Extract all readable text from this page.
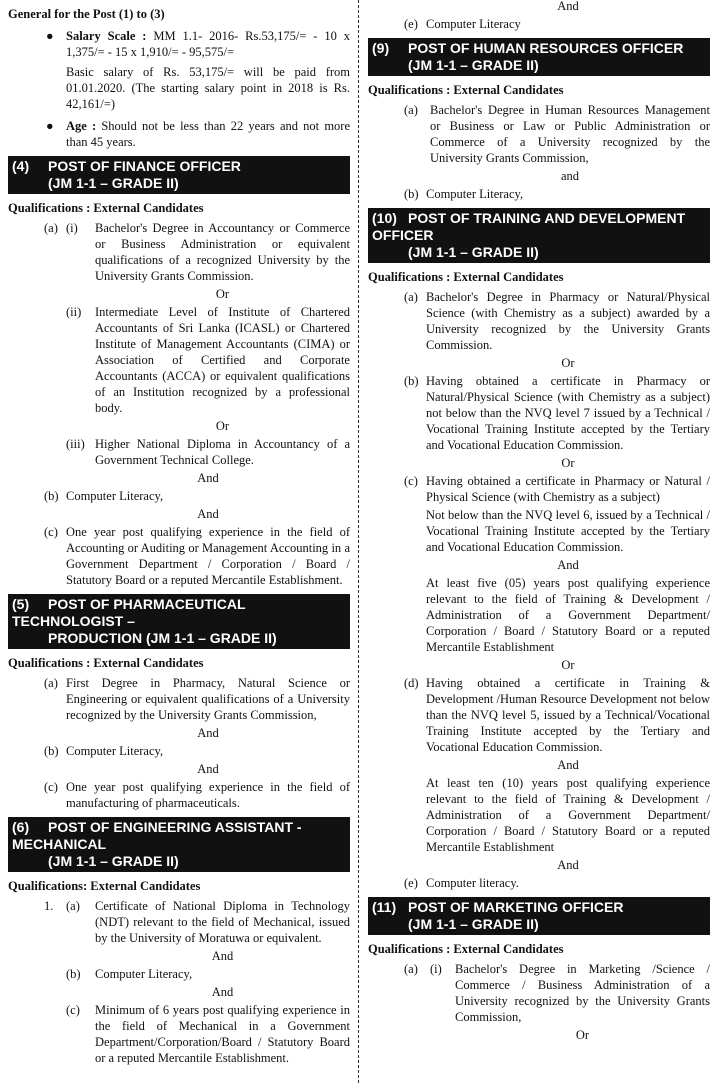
General for the Post (1) to (3)
● Salary Scale : MM 1.1- 2016- Rs.53,175/= - 10 x 1,375/= - 15 x 1,910/= - 95,575/=
Basic salary of Rs. 53,175/= will be paid from 01.01.2020. (The starting salary point in 2018 is Rs. 42,161/=)
● Age : Should not be less than 22 years and not more than 45 years.
(4) POST OF FINANCE OFFICER
(JM 1-1 – GRADE II)
Qualifications : External Candidates
(a) (i) Bachelor's Degree in Accountancy or Commerce or Business Administration or equivalent qualifications of a recognized University by the University Grants Commission.
Or
(ii) Intermediate Level of Institute of Chartered Accountants of Sri Lanka (ICASL) or Chartered Institute of Management Accountants (CIMA) or Association of Certified and Corporate Accountants (ACCA) or equivalent qualifications of an Institution recognized by a professional body.
Or
(iii) Higher National Diploma in Accountancy of a Government Technical College.
And
(b) Computer Literacy,
And
(c) One year post qualifying experience in the field of Accounting or Auditing or Management Accounting in a Government Department / Corporation / Board / Statutory Board or a reputed Mercantile Establishment.
(5) POST OF PHARMACEUTICAL TECHNOLOGIST –
PRODUCTION (JM 1-1 – GRADE II)
Qualifications : External Candidates
(a) First Degree in Pharmacy, Natural Science or Engineering or equivalent qualifications of a University recognized by the University Grants Commission,
And
(b) Computer Literacy,
And
(c) One year post qualifying experience in the field of manufacturing of pharmaceuticals.
(6) POST OF ENGINEERING ASSISTANT - MECHANICAL
(JM 1-1 – GRADE II)
Qualifications: External Candidates
1. (a) Certificate of National Diploma in Technology (NDT) relevant to the field of Mechanical, issued by the University of Moratuwa or equivalent.
And
(b) Computer Literacy,
And
(c) Minimum of 6 years post qualifying experience in the field of Mechanical in a Government Department/Corporation/Board / Statutory Board or a reputed Mercantile Establishment.
And
(e) Computer Literacy
(9) POST OF HUMAN RESOURCES OFFICER
(JM 1-1 – GRADE II)
Qualifications : External Candidates
(a) Bachelor's Degree in Human Resources Management or Business or Law or Public Administration or Commerce of a University recognized by the University Grants Commission,
and
(b) Computer Literacy,
(10) POST OF TRAINING AND DEVELOPMENT OFFICER
(JM 1-1 – GRADE II)
Qualifications : External Candidates
(a) Bachelor's Degree in Pharmacy or Natural/Physical Science (with Chemistry as a subject) awarded by a University recognized by the University Grants Commission.
Or
(b) Having obtained a certificate in Pharmacy or Natural/Physical Science (with Chemistry as a subject) not below than the NVQ level 7 issued by a Technical / Vocational Training Institute accepted by the Tertiary and Vocational Education Commission.
Or
(c) Having obtained a certificate in Pharmacy or Natural / Physical Science (with Chemistry as a subject)
Not below than the NVQ level 6, issued by a Technical / Vocational Training Institute accepted by the Tertiary and Vocational Education Commission.
And
At least five (05) years post qualifying experience relevant to the field of Training & Development / Administration of a Government Department/ Corporation / Board / Statutory Board or a reputed Mercantile Establishment
Or
(d) Having obtained a certificate in Training & Development /Human Resource Development not below than the NVQ level 5, issued by a Technical/Vocational Training Institute accepted by the Tertiary and Vocational Education Commission.
And
At least ten (10) years post qualifying experience relevant to the field of Training & Development / Administration of a Government Department/ Corporation / Board / Statutory Board or a reputed Mercantile Establishment
And
(e) Computer literacy.
(11) POST OF MARKETING OFFICER
(JM 1-1 – GRADE II)
Qualifications : External Candidates
(a) (i) Bachelor's Degree in Marketing /Science / Commerce / Business Administration of a University recognized by the University Grants Commission,
Or
